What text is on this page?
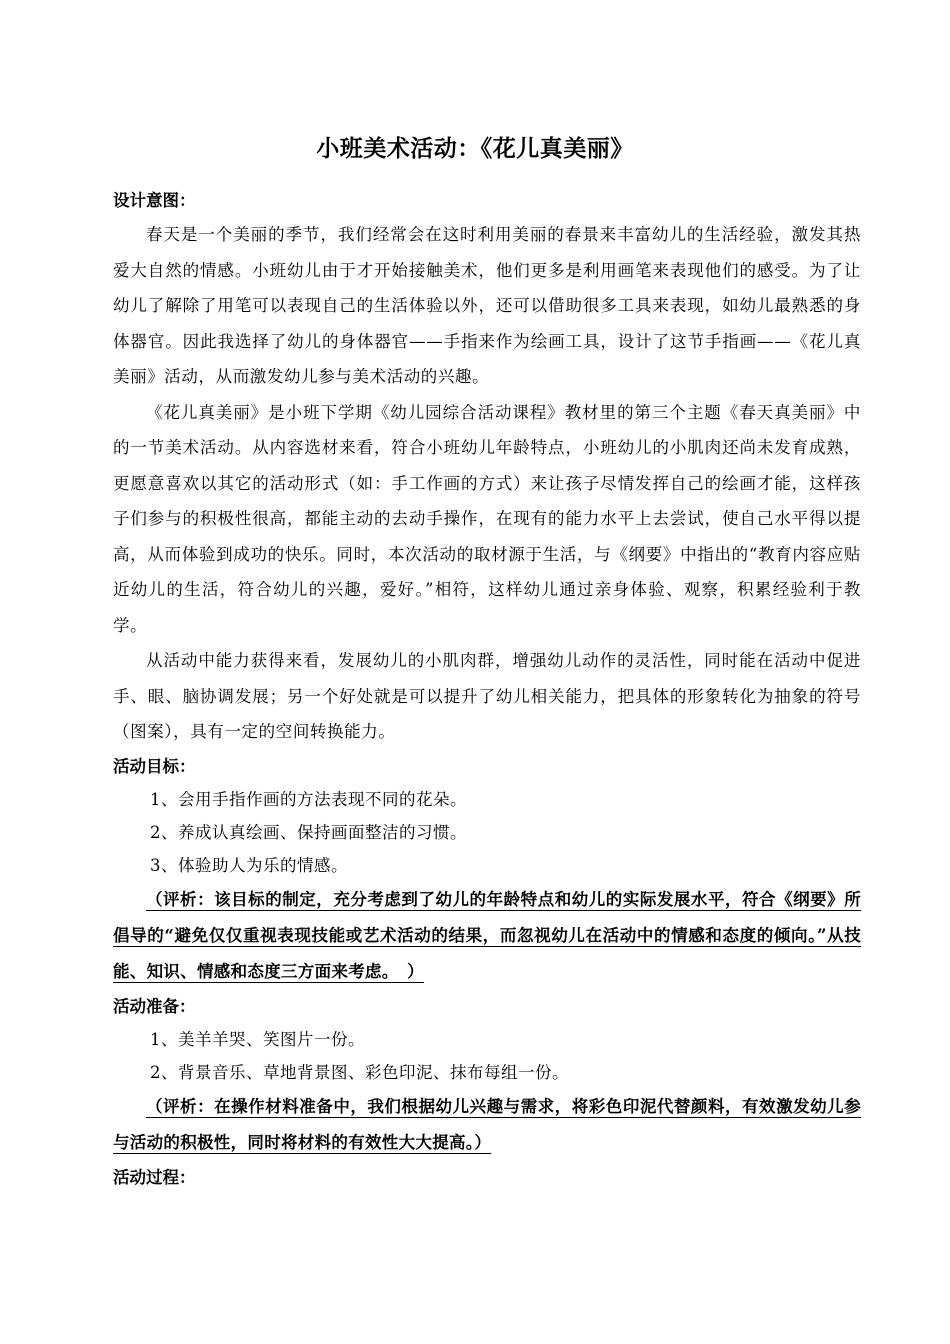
小班美术活动：《花儿真美丽》
设计意图：

春天是一个美丽的季节，我们经常会在这时利用美丽的春景来丰富幼儿的生活经验，激发其热爱大自然的情感。小班幼儿由于才开始接触美术，他们更多是利用画笔来表现他们的感受。为了让幼儿了解除了用笔可以表现自己的生活体验以外，还可以借助很多工具来表现，如幼儿最熟悉的身体器官。因此我选择了幼儿的身体器官——手指来作为绘画工具，设计了这节手指画——《花儿真美丽》活动，从而激发幼儿参与美术活动的兴趣。

《花儿真美丽》是小班下学期《幼儿园综合活动课程》教材里的第三个主题《春天真美丽》中的一节美术活动。从内容选材来看，符合小班幼儿年龄特点，小班幼儿的小肌肉还尚未发育成熟，更愿意喜欢以其它的活动形式（如：手工作画的方式）来让孩子尽情发挥自己的绘画才能，这样孩子们参与的积极性很高，都能主动的去动手操作，在现有的能力水平上去尝试，使自己水平得以提高，从而体验到成功的快乐。同时，本次活动的取材源于生活，与《纲要》中指出的“教育内容应贴近幼儿的生活，符合幼儿的兴趣，爱好。”相符，这样幼儿通过亲身体验、观察，积累经验利于教学。

从活动中能力获得来看，发展幼儿的小肌肉群，增强幼儿动作的灵活性，同时能在活动中促进手、眼、脑协调发展；另一个好处就是可以提升了幼儿相关能力，把具体的形象转化为抽象的符号（图案），具有一定的空间转换能力。

活动目标：

1、会用手指作画的方法表现不同的花朵。

2、养成认真绘画、保持画面整洁的习惯。

3、体验助人为乐的情感。

（评析：该目标的制定，充分考虑到了幼儿的年龄特点和幼儿的实际发展水平，符合《纲要》所倡导的“避免仅仅重视表现技能或艺术活动的结果，而忽视幼儿在活动中的情感和态度的倾向。”从技能、知识、情感和态度三方面来考虑。　）

活动准备：

1、美羊羊哭、笑图片一份。

2、背景音乐、草地背景图、彩色印泥、抹布每组一份。

（评析：在操作材料准备中，我们根据幼儿兴趣与需求，将彩色印泥代替颜料，有效激发幼儿参与活动的积极性，同时将材料的有效性大大提高。）

活动过程：
